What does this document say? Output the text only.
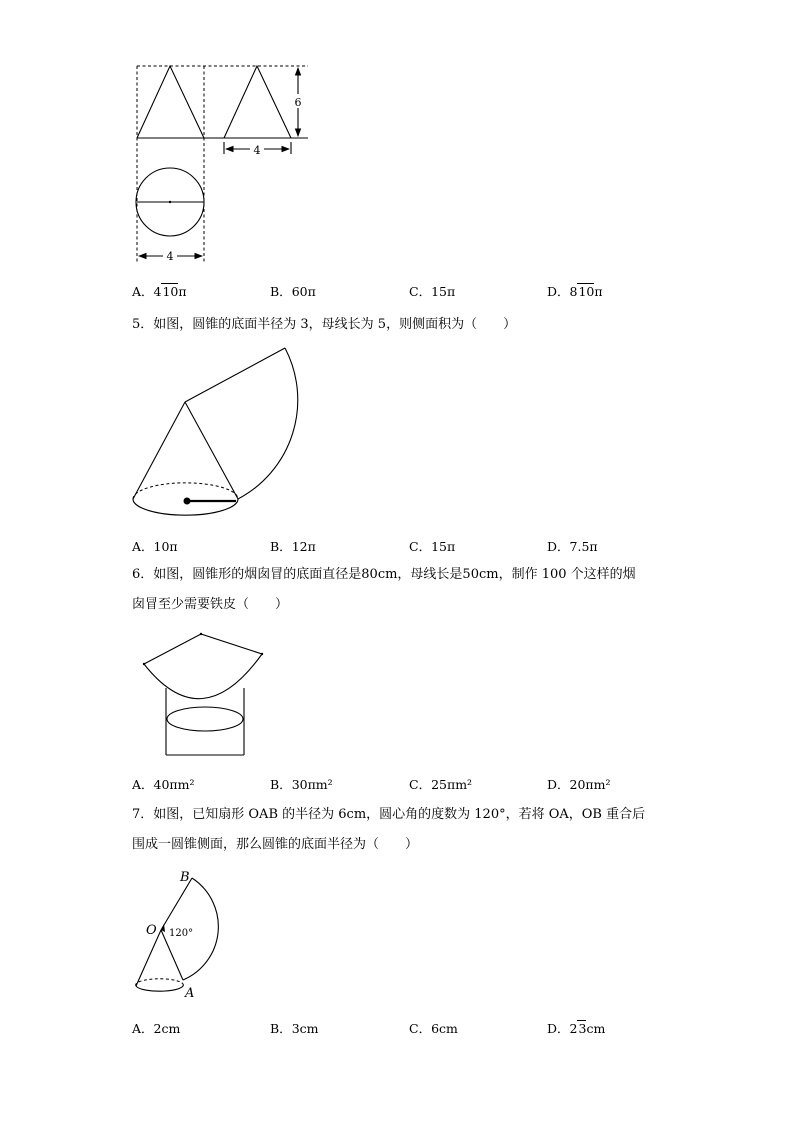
6
4
4
A．410π	B．60π	C．15π	D．810π

5．如图，圆锥的底面半径为 3，母线长为 5，则侧面积为（　　）

A．10π	B．12π	C．15π	D．7.5π

6．如图，圆锥形的烟囱冒的底面直径是80cm，母线长是50cm，制作 100 个这样的烟

囱冒至少需要铁皮（　　）

A．40πm²	B．30πm²	C．25πm²	D．20πm²

7．如图，已知扇形 OAB 的半径为 6cm，圆心角的度数为 120°，若将 OA，OB 重合后

围成一圆锥侧面，那么圆锥的底面半径为（　　）

B
O
A
120°
A．2cm	B．3cm	C．6cm	D．23cm
